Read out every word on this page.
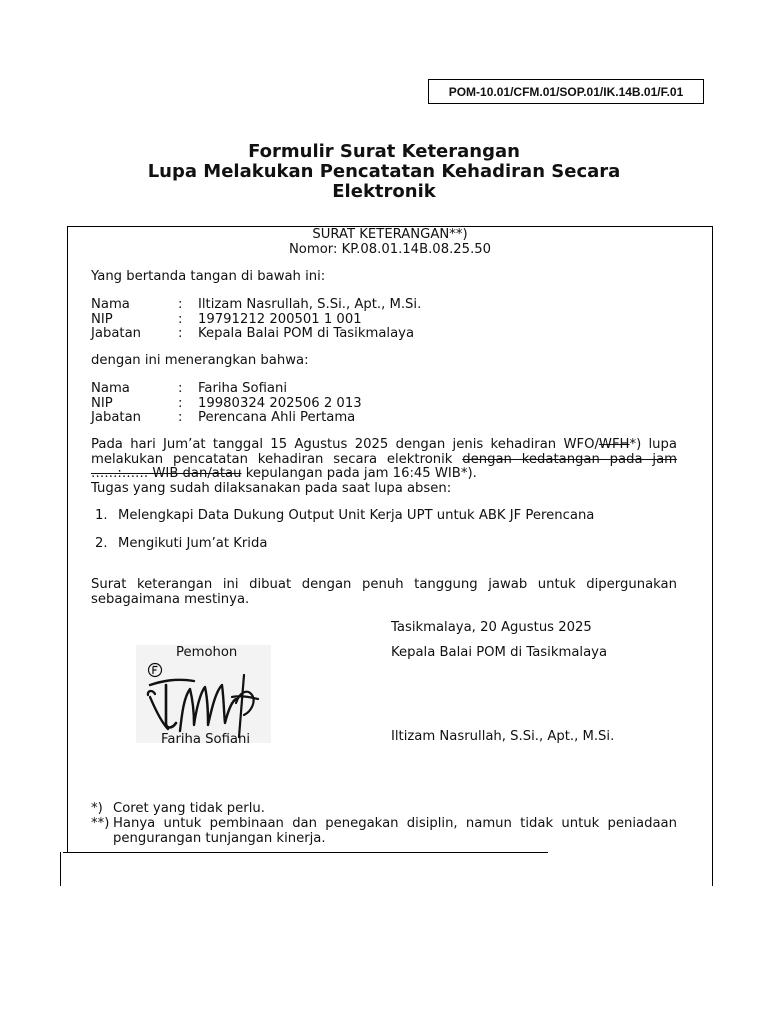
POM-10.01/CFM.01/SOP.01/IK.14B.01/F.01
Formulir Surat Keterangan
Lupa Melakukan Pencatatan Kehadiran Secara
Elektronik
SURAT KETERANGAN**)
Nomor: KP.08.01.14B.08.25.50
Yang bertanda tangan di bawah ini:
Nama	: Iltizam Nasrullah, S.Si., Apt., M.Si.
NIP	: 19791212 200501 1 001
Jabatan	: Kepala Balai POM di Tasikmalaya
dengan ini menerangkan bahwa:
Nama	: Fariha Sofiani
NIP	: 19980324 202506 2 013
Jabatan	: Perencana Ahli Pertama
Pada hari Jum’at tanggal 15 Agustus 2025 dengan jenis kehadiran WFO/WFH*) lupa
melakukan pencatatan kehadiran secara elektronik dengan kedatangan pada jam
……:…… WIB dan/atau kepulangan pada jam 16:45 WIB*).
Tugas yang sudah dilaksanakan pada saat lupa absen:
1. Melengkapi Data Dukung Output Unit Kerja UPT untuk ABK JF Perencana
2. Mengikuti Jum’at Krida
Surat keterangan ini dibuat dengan penuh tanggung jawab untuk dipergunakan
sebagaimana mestinya.
Tasikmalaya, 20 Agustus 2025
Pemohon	Kepala Balai POM di Tasikmalaya
Fariha Sofiani	Iltizam Nasrullah, S.Si., Apt., M.Si.
*) Coret yang tidak perlu.
**) Hanya untuk pembinaan dan penegakan disiplin, namun tidak untuk peniadaan
pengurangan tunjangan kinerja.
